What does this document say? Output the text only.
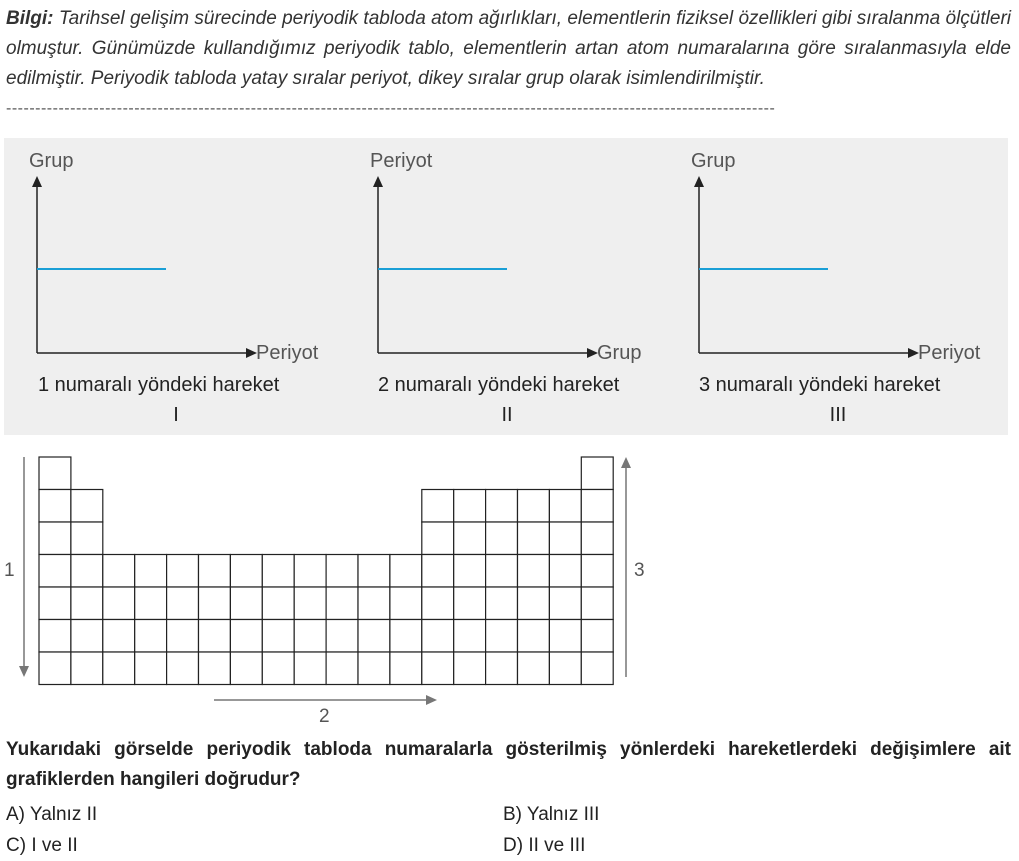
Bilgi: Tarihsel gelişim sürecinde periyodik tabloda atom ağırlıkları, elementlerin fiziksel özellikleri gibi sıralanma ölçütleri olmuştur. Günümüzde kullandığımız periyodik tablo, elementlerin artan atom numaralarına göre sıralanmasıyla elde edilmiştir. Periyodik tabloda yatay sıralar periyot, dikey sıralar grup olarak isimlendirilmiştir.

------------------------------------------------------------------------------------------------------------------------------------
Grup
Periyot
1 numaralı yöndeki hareket
I
Periyot
Grup
2 numaralı yöndeki hareket
II
Grup
Periyot
3 numaralı yöndeki hareket
III
1
2
3

Yukarıdaki görselde periyodik tabloda numaralarla gösterilmiş yönlerdeki hareketlerdeki değişimlere ait grafiklerden hangileri doğrudur?

A) Yalnız II	B) Yalnız III
C) I ve II	D) II ve III
